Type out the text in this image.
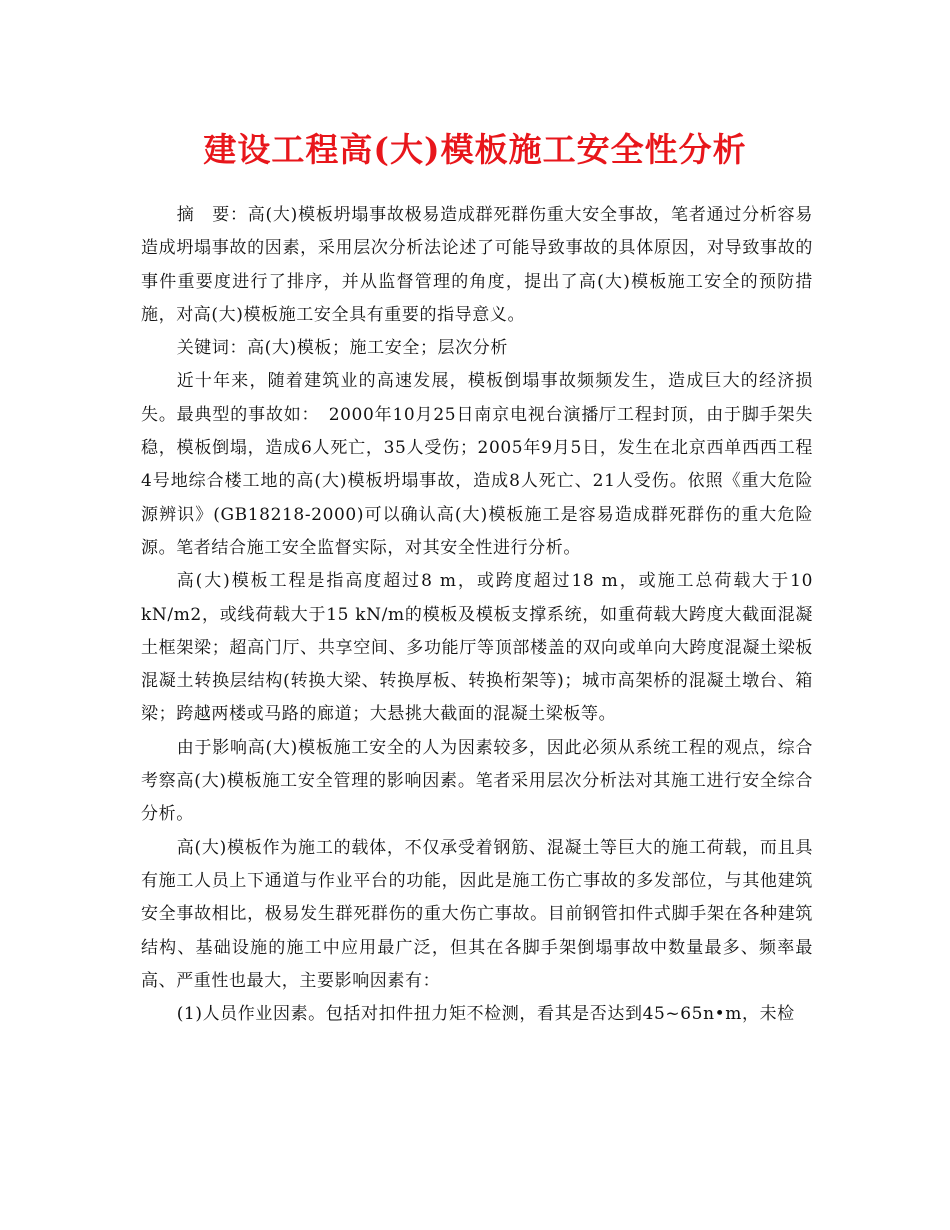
建设工程高(大)模板施工安全性分析

摘　要：高(大)模板坍塌事故极易造成群死群伤重大安全事故，笔者通过分析容易造成坍塌事故的因素，采用层次分析法论述了可能导致事故的具体原因，对导致事故的事件重要度进行了排序，并从监督管理的角度，提出了高(大)模板施工安全的预防措施，对高(大)模板施工安全具有重要的指导意义。

关键词：高(大)模板；施工安全；层次分析

近十年来，随着建筑业的高速发展，模板倒塌事故频频发生，造成巨大的经济损失。最典型的事故如：　2000年10月25日南京电视台演播厅工程封顶，由于脚手架失稳，模板倒塌，造成6人死亡，35人受伤；2005年9月5日，发生在北京西单西西工程4号地综合楼工地的高(大)模板坍塌事故，造成8人死亡、21人受伤。依照《重大危险源辨识》(GB18218-2000)可以确认高(大)模板施工是容易造成群死群伤的重大危险源。笔者结合施工安全监督实际，对其安全性进行分析。

高(大)模板工程是指高度超过8 m，或跨度超过18 m，或施工总荷载大于10 kN/m2，或线荷载大于15 kN/m的模板及模板支撑系统，如重荷载大跨度大截面混凝土框架梁；超高门厅、共享空间、多功能厅等顶部楼盖的双向或单向大跨度混凝土梁板混凝土转换层结构(转换大梁、转换厚板、转换桁架等)；城市高架桥的混凝土墩台、箱梁；跨越两楼或马路的廊道；大悬挑大截面的混凝土梁板等。

由于影响高(大)模板施工安全的人为因素较多，因此必须从系统工程的观点，综合考察高(大)模板施工安全管理的影响因素。笔者采用层次分析法对其施工进行安全综合分析。

高(大)模板作为施工的载体，不仅承受着钢筋、混凝土等巨大的施工荷载，而且具有施工人员上下通道与作业平台的功能，因此是施工伤亡事故的多发部位，与其他建筑安全事故相比，极易发生群死群伤的重大伤亡事故。目前钢管扣件式脚手架在各种建筑结构、基础设施的施工中应用最广泛，但其在各脚手架倒塌事故中数量最多、频率最高、严重性也最大，主要影响因素有：

(1)人员作业因素。包括对扣件扭力矩不检测，看其是否达到45~65n•m，未检
